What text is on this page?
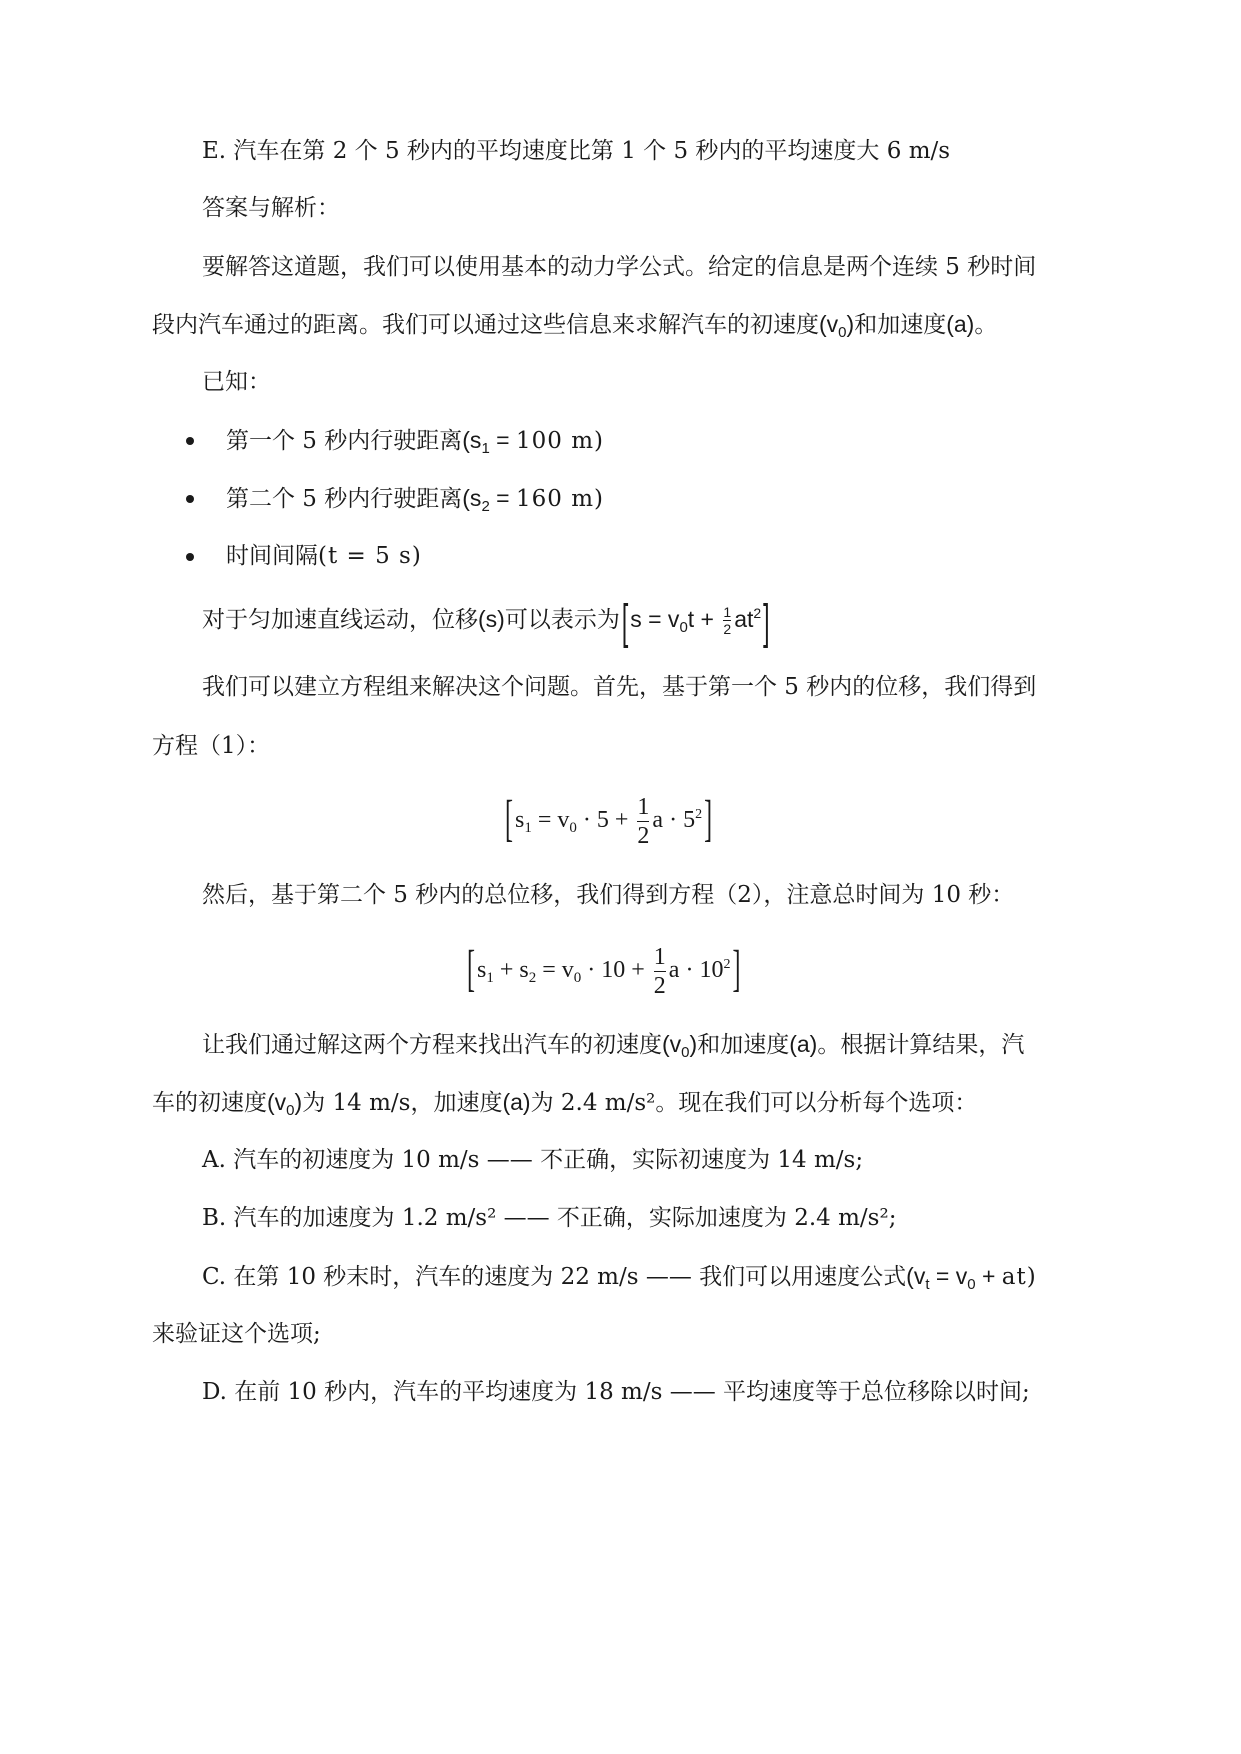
E. 汽车在第 2 个 5 秒内的平均速度比第 1 个 5 秒内的平均速度大 6 m/s
答案与解析：
要解答这道题，我们可以使用基本的动力学公式。给定的信息是两个连续 5 秒时间
段内汽车通过的距离。我们可以通过这些信息来求解汽车的初速度$(v_0)$和加速度(a)。
已知：
第一个 5 秒内行驶距离($s_1 = 100$ m)
第二个 5 秒内行驶距离($s_2 = 160$ m)
时间间隔(t = 5 s)
对于匀加速直线运动，位移(s)可以表示为$[s = v_0t + \frac{1}{2} at^2]$
我们可以建立方程组来解决这个问题。首先，基于第一个 5 秒内的位移，我们得到
方程（1）：
[$s_1 = v_0 \cdot 5 + \frac{1}{2}$ $a \cdot 5^2$]
然后，基于第二个 5 秒内的总位移，我们得到方程（2），注意总时间为 10 秒：
[$s_1 + s_2 = v_0 \cdot 10 + \frac{1}{2}$ $a \cdot 10^2$]
让我们通过解这两个方程来找出汽车的初速度$(v_0)$和加速度(a)。根据计算结果，汽
车的初速度$(v_0)$为 14 m/s，加速度(a)为 2.4 m/s²。现在我们可以分析每个选项：
A. 汽车的初速度为 10 m/s —— 不正确，实际初速度为 14 m/s;
B. 汽车的加速度为 1.2 m/s² —— 不正确，实际加速度为 2.4 m/s²;
C. 在第 10 秒末时，汽车的速度为 22 m/s —— 我们可以用速度公式$(v_t = v_0 + at)$
来验证这个选项;
D. 在前 10 秒内，汽车的平均速度为 18 m/s —— 平均速度等于总位移除以时间;
